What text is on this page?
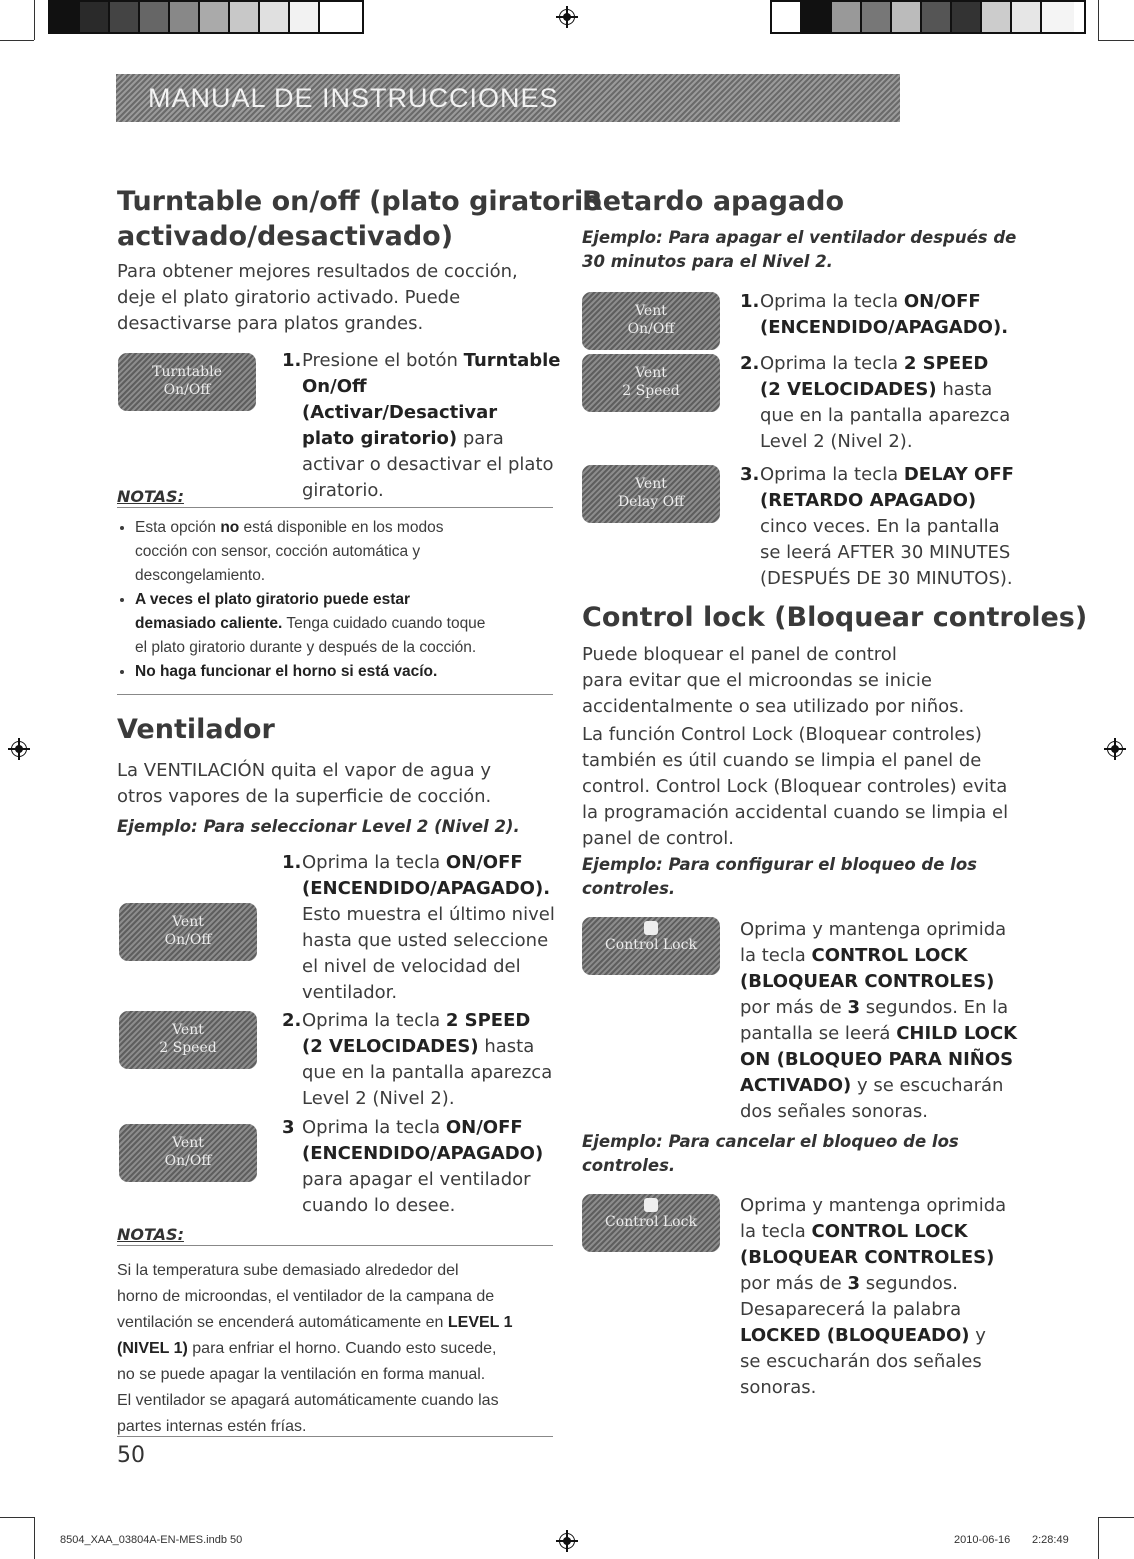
MANUAL DE INSTRUCCIONES
Turntable on/off (plato giratorio
activado/desactivado)
Para obtener mejores resultados de cocción,
deje el plato giratorio activado. Puede
desactivarse para platos grandes.
Turntable
On/Off
1.Presione el botón Turntable
On/Off (Activar/Desactivar
plato giratorio) para
activar o desactivar el plato
giratorio.
NOTAS:
• Esta opción no está disponible en los modos
cocción con sensor, cocción automática y
descongelamiento.
• A veces el plato giratorio puede estar
demasiado caliente. Tenga cuidado cuando toque
el plato giratorio durante y después de la cocción.
• No haga funcionar el horno si está vacío.
Ventilador
La VENTILACIÓN quita el vapor de agua y
otros vapores de la superficie de cocción.
Ejemplo: Para seleccionar Level 2 (Nivel 2).
Vent
On/Off
Vent
2 Speed
Vent
On/Off
1.Oprima la tecla ON/OFF
(ENCENDIDO/APAGADO).
Esto muestra el último nivel
hasta que usted seleccione
el nivel de velocidad del
ventilador.
2.Oprima la tecla 2 SPEED
(2 VELOCIDADES) hasta
que en la pantalla aparezca
Level 2 (Nivel 2).
3 Oprima la tecla ON/OFF
(ENCENDIDO/APAGADO)
para apagar el ventilador
cuando lo desee.
NOTAS:
Si la temperatura sube demasiado alrededor del
horno de microondas, el ventilador de la campana de
ventilación se encenderá automáticamente en LEVEL 1
(NIVEL 1) para enfriar el horno. Cuando esto sucede,
no se puede apagar la ventilación en forma manual.
El ventilador se apagará automáticamente cuando las
partes internas estén frías.
50
Retardo apagado
Ejemplo: Para apagar el ventilador después de
30 minutos para el Nivel 2.
Vent
On/Off
Vent
2 Speed
Vent
Delay Off
1.Oprima la tecla ON/OFF
(ENCENDIDO/APAGADO).
2.Oprima la tecla 2 SPEED
(2 VELOCIDADES) hasta
que en la pantalla aparezca
Level 2 (Nivel 2).
3.Oprima la tecla DELAY OFF
(RETARDO APAGADO)
cinco veces. En la pantalla
se leerá AFTER 30 MINUTES
(DESPUÉS DE 30 MINUTOS).
Control lock (Bloquear controles)
Puede bloquear el panel de control
para evitar que el microondas se inicie
accidentalmente o sea utilizado por niños.
La función Control Lock (Bloquear controles)
también es útil cuando se limpia el panel de
control. Control Lock (Bloquear controles) evita
la programación accidental cuando se limpia el
panel de control.
Ejemplo: Para configurar el bloqueo de los
controles.
Control Lock
Oprima y mantenga oprimida
la tecla CONTROL LOCK
(BLOQUEAR CONTROLES)
por más de 3 segundos. En la
pantalla se leerá CHILD LOCK
ON (BLOQUEO PARA NIÑOS
ACTIVADO) y se escucharán
dos señales sonoras.
Ejemplo: Para cancelar el bloqueo de los
controles.
Control Lock
Oprima y mantenga oprimida
la tecla CONTROL LOCK
(BLOQUEAR CONTROLES)
por más de 3 segundos.
Desaparecerá la palabra
LOCKED (BLOQUEADO) y
se escucharán dos señales
sonoras.
8504_XAA_03804A-EN-MES.indb 50	2010-06-16 2:28:49
